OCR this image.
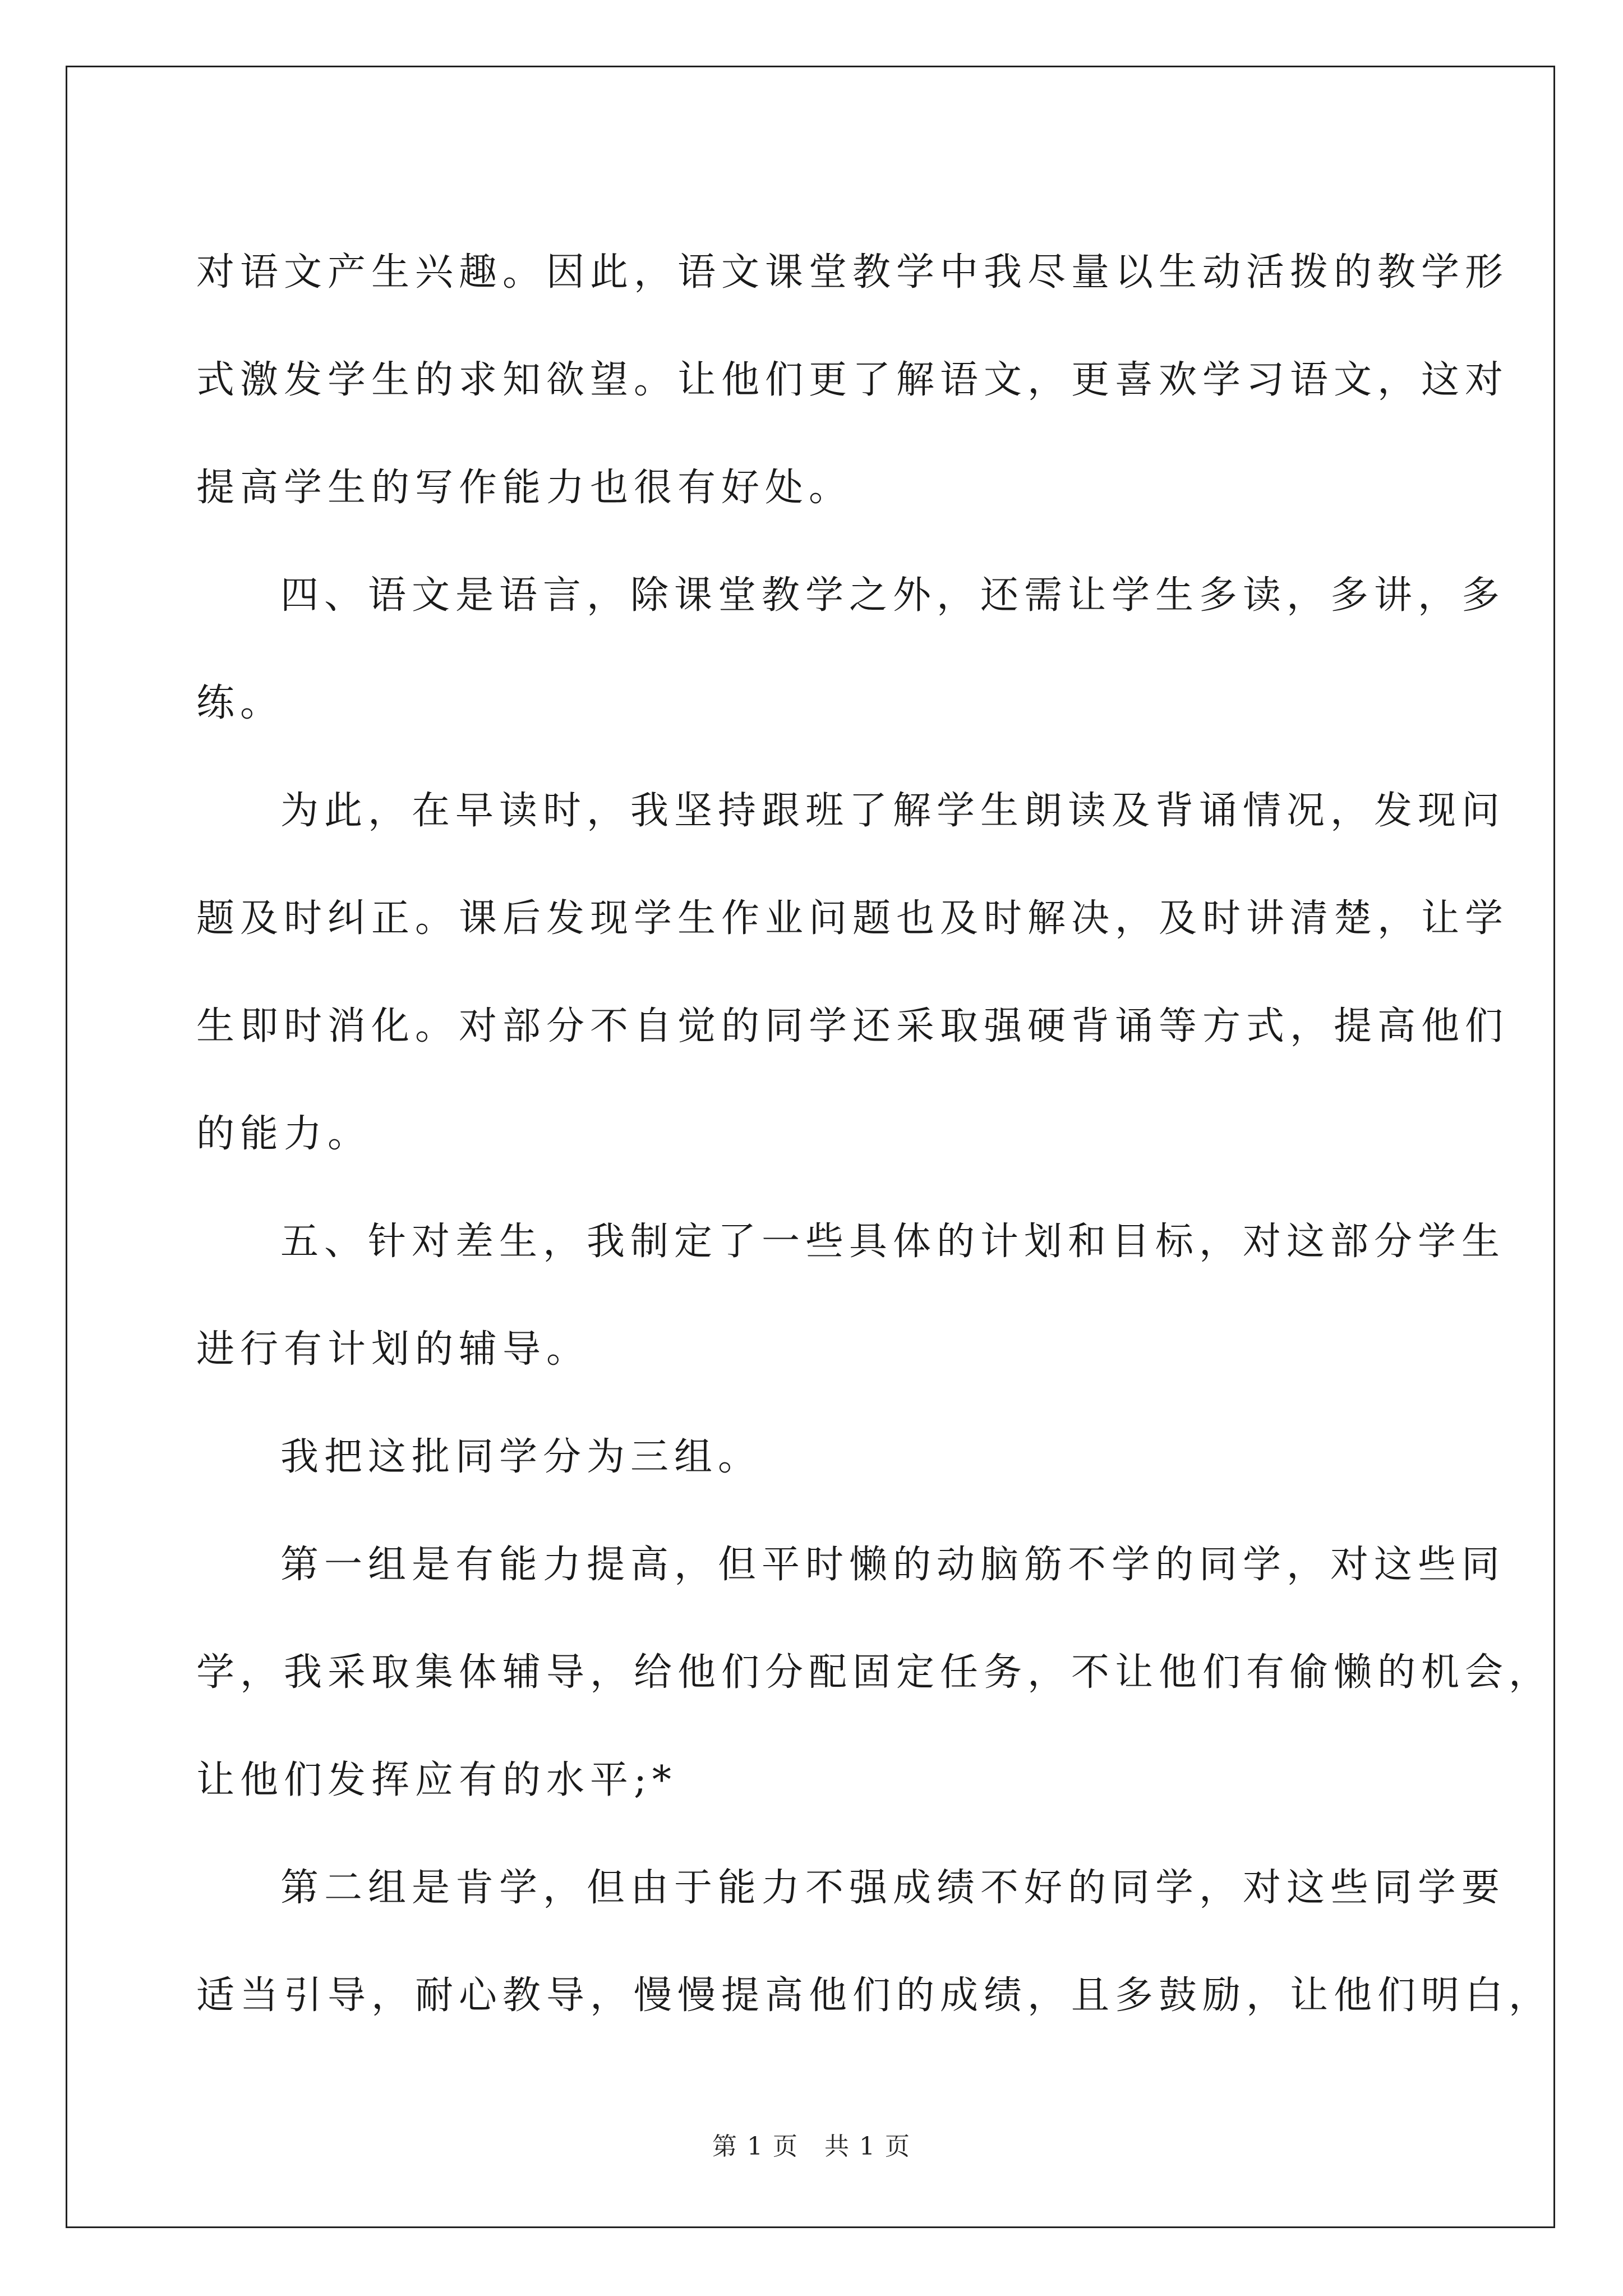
对语文产生兴趣。因此，语文课堂教学中我尽量以生动活拨的教学形
式激发学生的求知欲望。让他们更了解语文，更喜欢学习语文，这对
提高学生的写作能力也很有好处。
四、语文是语言，除课堂教学之外，还需让学生多读，多讲，多
练。
为此，在早读时，我坚持跟班了解学生朗读及背诵情况，发现问
题及时纠正。课后发现学生作业问题也及时解决，及时讲清楚，让学
生即时消化。对部分不自觉的同学还采取强硬背诵等方式，提高他们
的能力。
五、针对差生，我制定了一些具体的计划和目标，对这部分学生
进行有计划的辅导。
我把这批同学分为三组。
第一组是有能力提高，但平时懒的动脑筋不学的同学，对这些同
学，我采取集体辅导，给他们分配固定任务，不让他们有偷懒的机会，
让他们发挥应有的水平;*
第二组是肯学，但由于能力不强成绩不好的同学，对这些同学要
适当引导，耐心教导，慢慢提高他们的成绩，且多鼓励，让他们明白，
第 1 页　共 1 页
